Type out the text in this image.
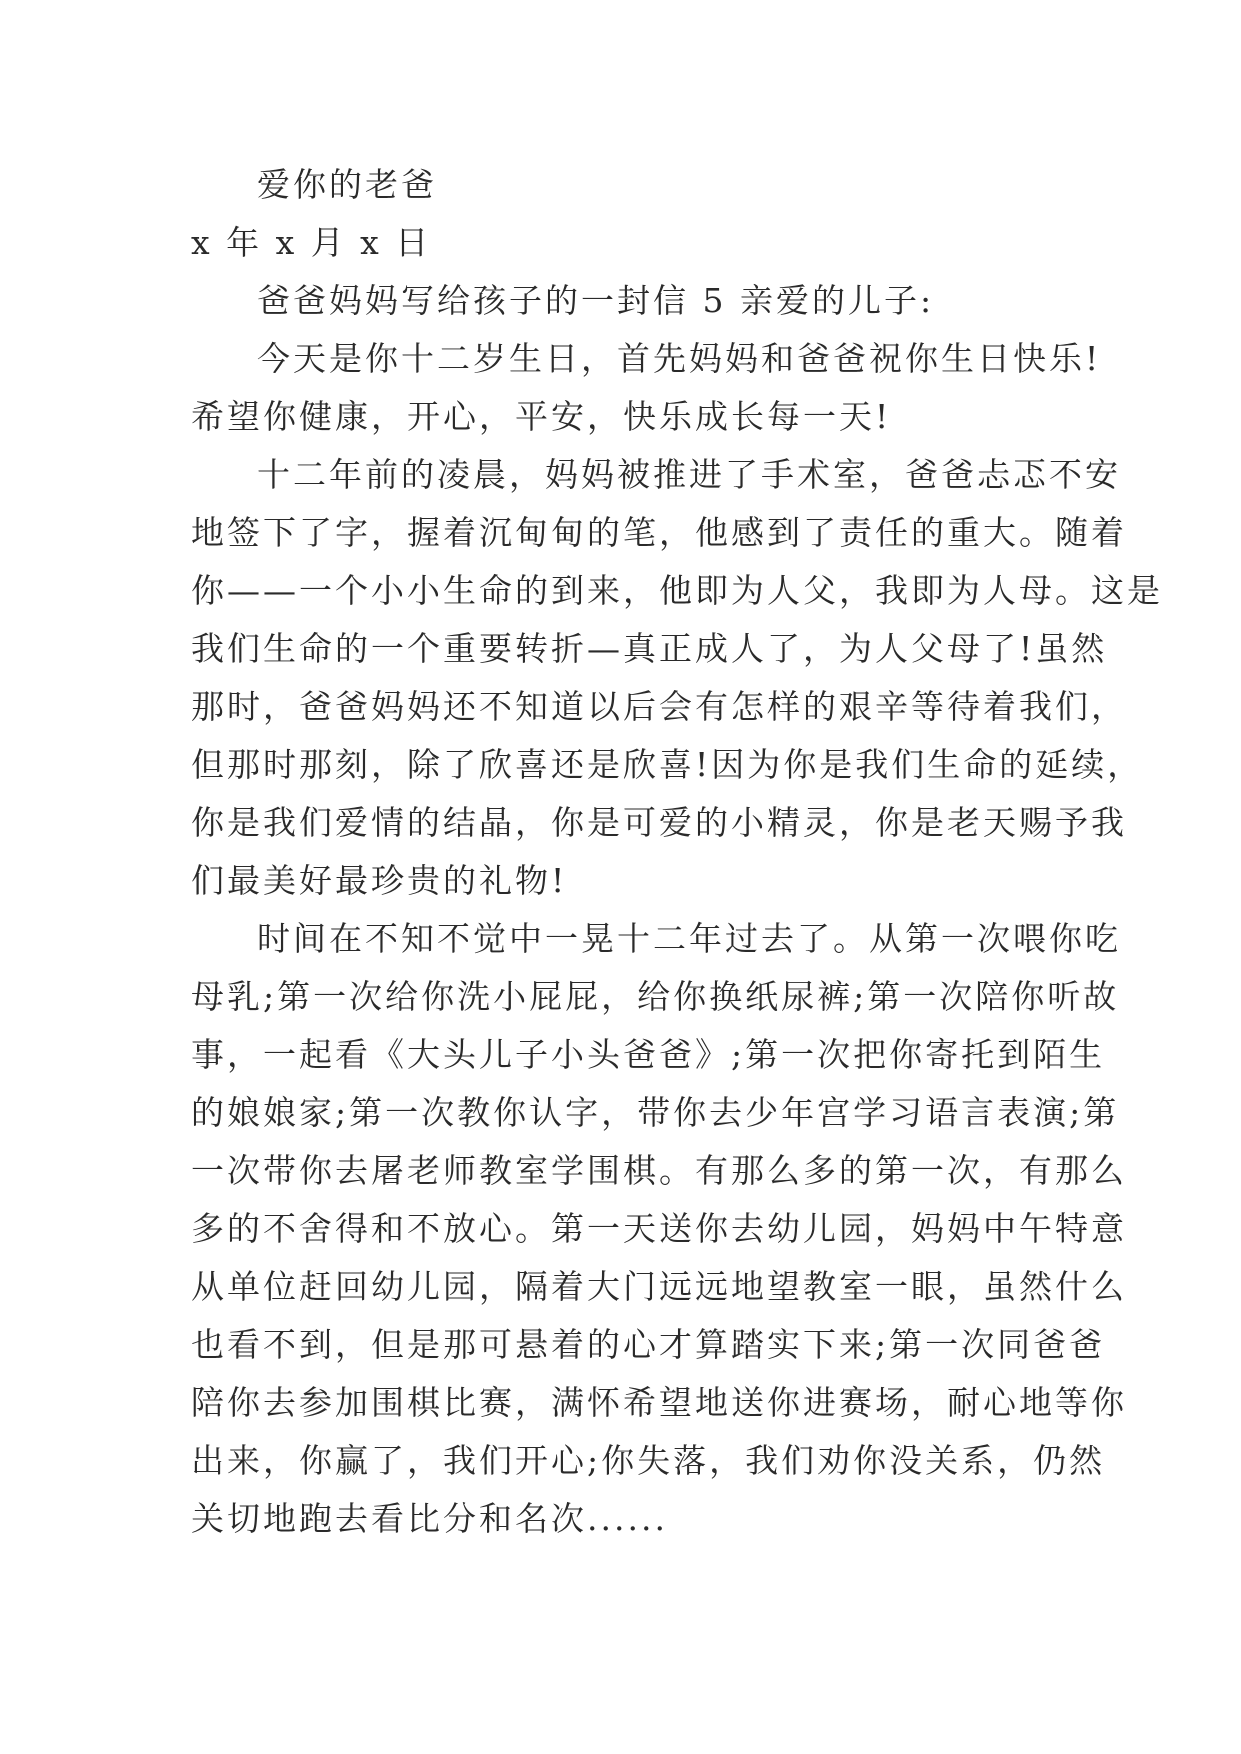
爱你的老爸
x 年 x 月 x 日
爸爸妈妈写给孩子的一封信 5 亲爱的儿子:
今天是你十二岁生日，首先妈妈和爸爸祝你生日快乐!
希望你健康，开心，平安，快乐成长每一天!
十二年前的凌晨，妈妈被推进了手术室，爸爸忐忑不安
地签下了字，握着沉甸甸的笔，他感到了责任的重大。随着
你——一个小小生命的到来，他即为人父，我即为人母。这是
我们生命的一个重要转折—真正成人了，为人父母了!虽然
那时，爸爸妈妈还不知道以后会有怎样的艰辛等待着我们，
但那时那刻，除了欣喜还是欣喜!因为你是我们生命的延续，
你是我们爱情的结晶，你是可爱的小精灵，你是老天赐予我
们最美好最珍贵的礼物!
时间在不知不觉中一晃十二年过去了。从第一次喂你吃
母乳;第一次给你洗小屁屁，给你换纸尿裤;第一次陪你听故
事，一起看《大头儿子小头爸爸》;第一次把你寄托到陌生
的娘娘家;第一次教你认字，带你去少年宫学习语言表演;第
一次带你去屠老师教室学围棋。有那么多的第一次，有那么
多的不舍得和不放心。第一天送你去幼儿园，妈妈中午特意
从单位赶回幼儿园，隔着大门远远地望教室一眼，虽然什么
也看不到，但是那可悬着的心才算踏实下来;第一次同爸爸
陪你去参加围棋比赛，满怀希望地送你进赛场，耐心地等你
出来，你赢了，我们开心;你失落，我们劝你没关系，仍然
关切地跑去看比分和名次......
